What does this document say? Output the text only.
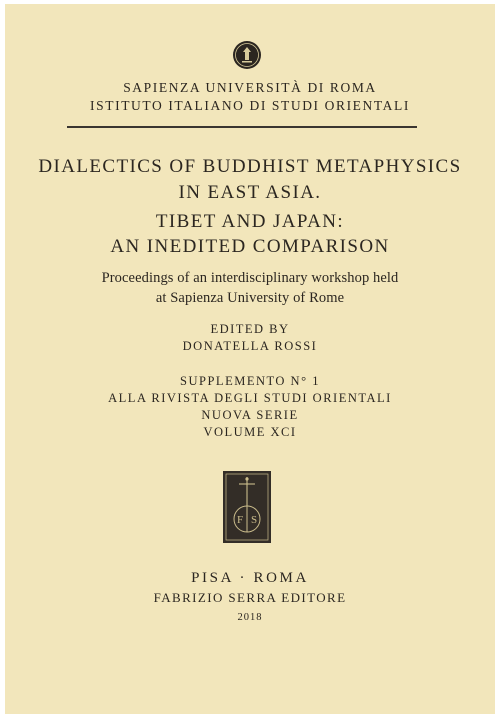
SAPIENZA UNIVERSITÀ DI ROMA
ISTITUTO ITALIANO DI STUDI ORIENTALI
DIALECTICS OF BUDDHIST METAPHYSICS
IN EAST ASIA.
TIBET AND JAPAN:
AN INEDITED COMPARISON
Proceedings of an interdisciplinary workshop held
at Sapienza University of Rome
EDITED BY
DONATELLA ROSSI
SUPPLEMENTO N° 1
ALLA RIVISTA DEGLI STUDI ORIENTALI
NUOVA SERIE
VOLUME XCI
F S
PISA · ROMA
FABRIZIO SERRA EDITORE
2018
